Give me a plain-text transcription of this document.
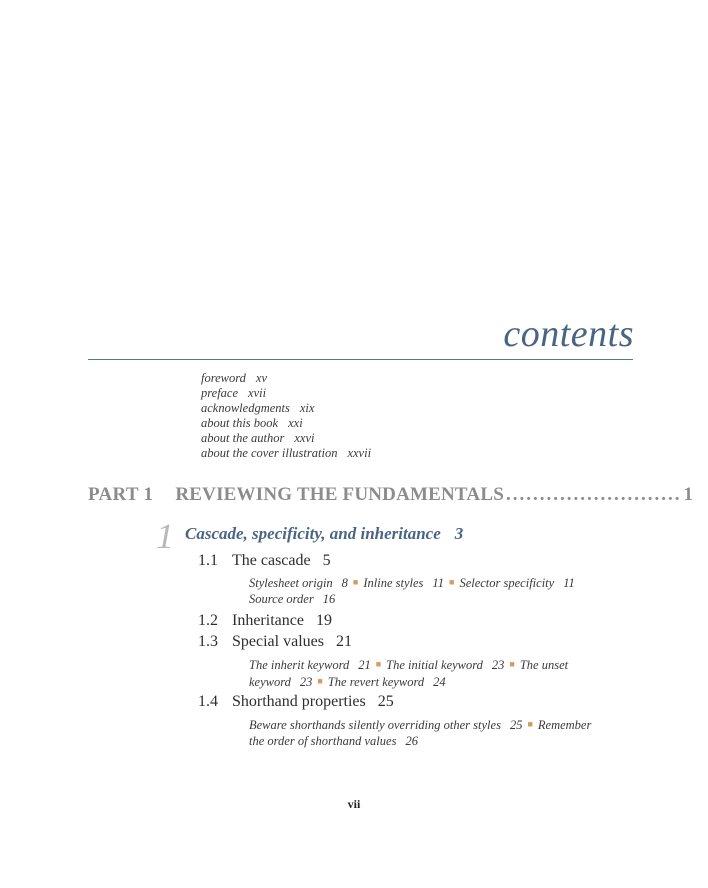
contents
foreword xv
preface xvii
acknowledgments xix
about this book xxi
about the author xxvi
about the cover illustration xxvii
PART 1 REVIEWING THE FUNDAMENTALS .......................... 1
1 Cascade, specificity, and inheritance 3
1.1 The cascade 5
Stylesheet origin 8 ■ Inline styles 11 ■ Selector specificity 11
Source order 16
1.2 Inheritance 19
1.3 Special values 21
The inherit keyword 21 ■ The initial keyword 23 ■ The unset keyword 23 ■ The revert keyword 24
1.4 Shorthand properties 25
Beware shorthands silently overriding other styles 25 ■ Remember the order of shorthand values 26
vii
